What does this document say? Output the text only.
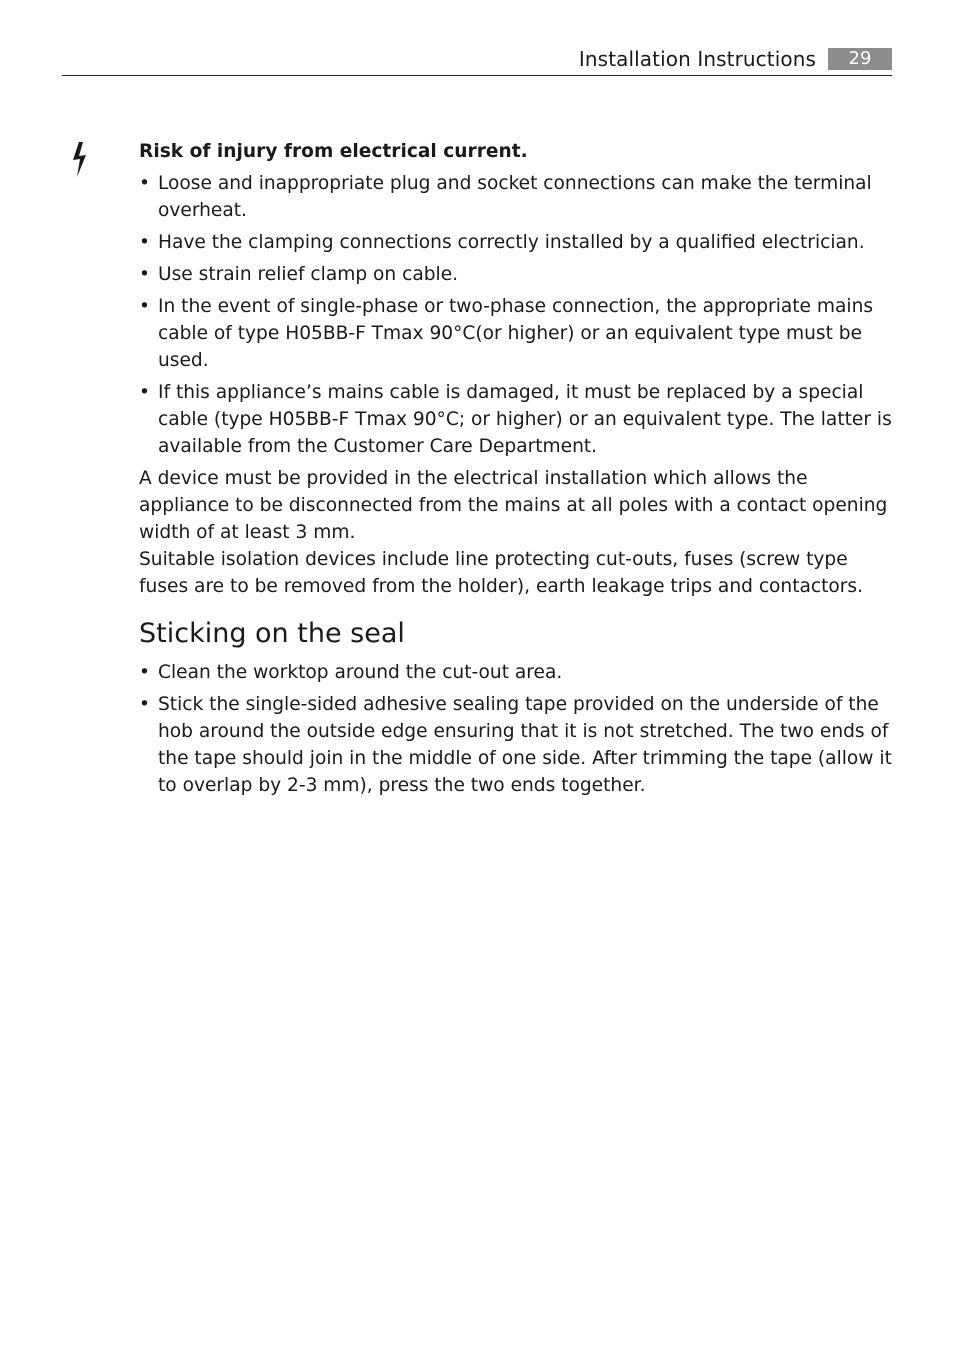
Installation Instructions	29
Risk of injury from electrical current.
• Loose and inappropriate plug and socket connections can make the terminal overheat.
• Have the clamping connections correctly installed by a qualified electrician.
• Use strain relief clamp on cable.
• In the event of single-phase or two-phase connection, the appropriate mains cable of type H05BB-F Tmax 90°C(or higher) or an equivalent type must be used.
• If this appliance’s mains cable is damaged, it must be replaced by a special cable (type H05BB-F Tmax 90°C; or higher) or an equivalent type. The latter is available from the Customer Care Department.

A device must be provided in the electrical installation which allows the appliance to be disconnected from the mains at all poles with a contact opening width of at least 3 mm.

Suitable isolation devices include line protecting cut-outs, fuses (screw type fuses are to be removed from the holder), earth leakage trips and contactors.

Sticking on the seal
• Clean the worktop around the cut-out area.
• Stick the single-sided adhesive sealing tape provided on the underside of the hob around the outside edge ensuring that it is not stretched. The two ends of the tape should join in the middle of one side. After trimming the tape (allow it to overlap by 2-3 mm), press the two ends together.
